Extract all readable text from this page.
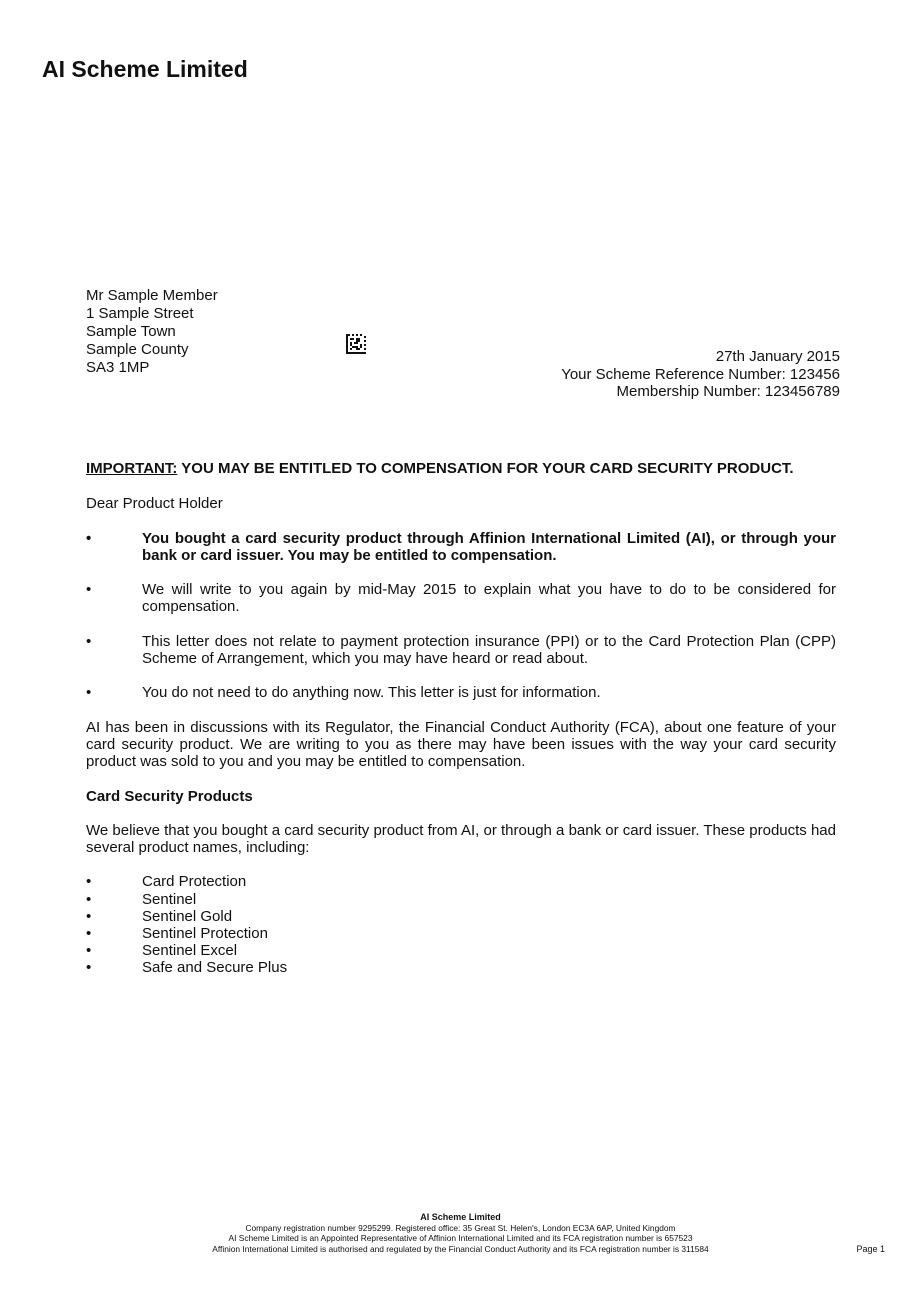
AI Scheme Limited
Mr Sample Member
1 Sample Street
Sample Town
Sample County
SA3 1MP
27th January 2015
Your Scheme Reference Number: 123456
Membership Number: 123456789
IMPORTANT: YOU MAY BE ENTITLED TO COMPENSATION FOR YOUR CARD SECURITY PRODUCT.
Dear Product Holder
•	You bought a card security product through Affinion International Limited (AI), or through your bank or card issuer. You may be entitled to compensation.
•	We will write to you again by mid-May 2015 to explain what you have to do to be considered for compensation.
•	This letter does not relate to payment protection insurance (PPI) or to the Card Protection Plan (CPP) Scheme of Arrangement, which you may have heard or read about.
•	You do not need to do anything now. This letter is just for information.
AI has been in discussions with its Regulator, the Financial Conduct Authority (FCA), about one feature of your card security product. We are writing to you as there may have been issues with the way your card security product was sold to you and you may be entitled to compensation.
Card Security Products
We believe that you bought a card security product from AI, or through a bank or card issuer. These products had several product names, including:
•	Card Protection
•	Sentinel
•	Sentinel Gold
•	Sentinel Protection
•	Sentinel Excel
•	Safe and Secure Plus
AI Scheme Limited
Company registration number 9295299. Registered office: 35 Great St. Helen's, London EC3A 6AP, United Kingdom
AI Scheme Limited is an Appointed Representative of Affinion International Limited and its FCA registration number is 657523
Affinion International Limited is authorised and regulated by the Financial Conduct Authority and its FCA registration number is 311584	Page 1
